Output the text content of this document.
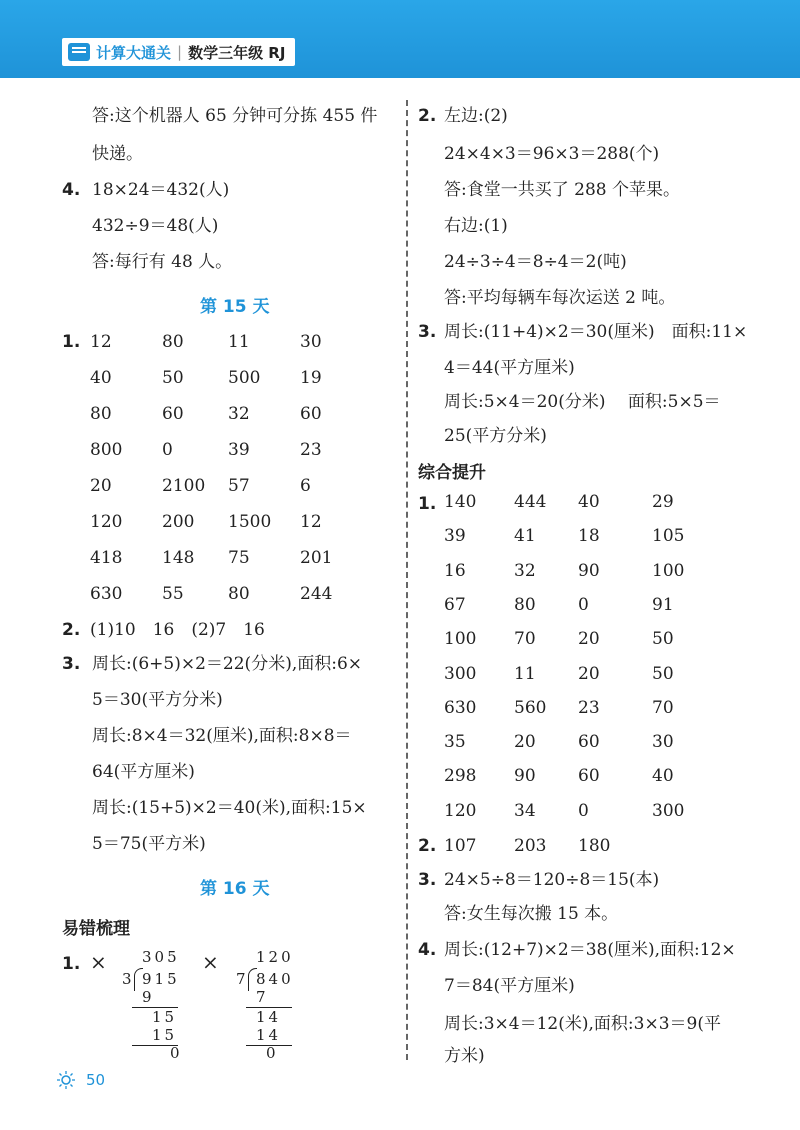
计算大通关 | 数学三年级 RJ
答:这个机器人 65 分钟可分拣 455 件
快递。
4. 18×24＝432(人)
432÷9＝48(人)
答:每行有 48 人。
第 15 天
1. 12	80	11	30
40	50	500 19
80	60	32	60
800 0	39	23
20	2100 57	6
120 200 1500 12
418 148 75	201
630 55	80	244
2. (1)10　16　(2)7　16
3. 周长:(6+5)×2＝22(分米),面积:6×
5＝30(平方分米)
周长:8×4＝32(厘米),面积:8×8＝
64(平方厘米)
周长:(15+5)×2＝40(米),面积:15×
5＝75(平方米)
第 16 天
易错梳理
1. ×	×
305
3 915
9
15
15
0
120
7 840
7
14
14
0
2. 左边:(2)
24×4×3＝96×3＝288(个)
答:食堂一共买了 288 个苹果。
右边:(1)
24÷3÷4＝8÷4＝2(吨)
答:平均每辆车每次运送 2 吨。
3. 周长:(11+4)×2＝30(厘米)　面积:11×
4＝44(平方厘米)
周长:5×4＝20(分米)　 面积:5×5＝
25(平方分米)
综合提升
1. 140 444 40	29
39	41 18	105
16	32 90	100
67	80 0	91
100 70 20	50
300 11 20	50
630 560 23	70
35	20 60	30
298 90 60	40
120 34 0	300
2. 107 203 180
3. 24×5÷8＝120÷8＝15(本)
答:女生每次搬 15 本。
4. 周长:(12+7)×2＝38(厘米),面积:12×
7＝84(平方厘米)
周长:3×4＝12(米),面积:3×3＝9(平
方米)
50
